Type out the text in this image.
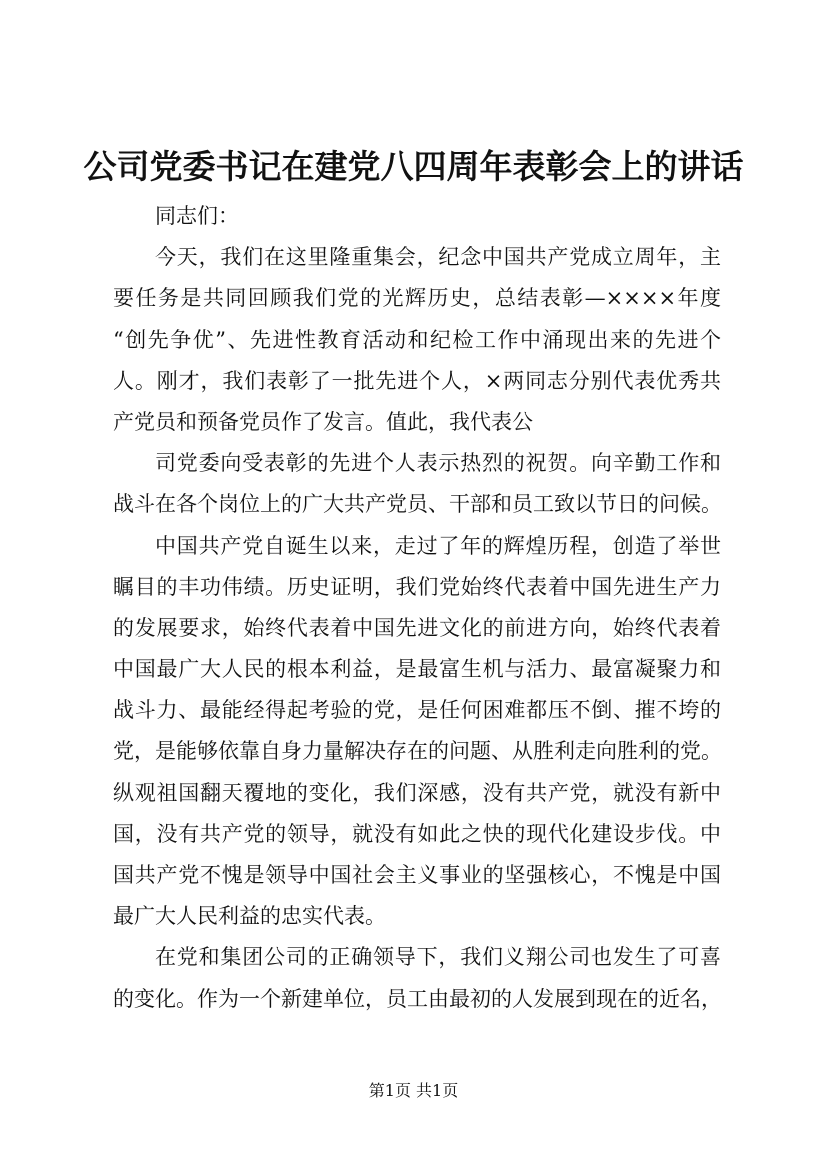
公司党委书记在建党八四周年表彰会上的讲话
同志们：
今天，我们在这里隆重集会，纪念中国共产党成立周年，主
要任务是共同回顾我们党的光辉历史，总结表彰—××××年度
“创先争优”、先进性教育活动和纪检工作中涌现出来的先进个
人。刚才，我们表彰了一批先进个人，×两同志分别代表优秀共
产党员和预备党员作了发言。值此，我代表公
司党委向受表彰的先进个人表示热烈的祝贺。向辛勤工作和
战斗在各个岗位上的广大共产党员、干部和员工致以节日的问候。
中国共产党自诞生以来，走过了年的辉煌历程，创造了举世
瞩目的丰功伟绩。历史证明，我们党始终代表着中国先进生产力
的发展要求，始终代表着中国先进文化的前进方向，始终代表着
中国最广大人民的根本利益，是最富生机与活力、最富凝聚力和
战斗力、最能经得起考验的党，是任何困难都压不倒、摧不垮的
党，是能够依靠自身力量解决存在的问题、从胜利走向胜利的党。
纵观祖国翻天覆地的变化，我们深感，没有共产党，就没有新中
国，没有共产党的领导，就没有如此之快的现代化建设步伐。中
国共产党不愧是领导中国社会主义事业的坚强核心，不愧是中国
最广大人民利益的忠实代表。
在党和集团公司的正确领导下，我们义翔公司也发生了可喜
的变化。作为一个新建单位，员工由最初的人发展到现在的近名，
第1页 共1页
